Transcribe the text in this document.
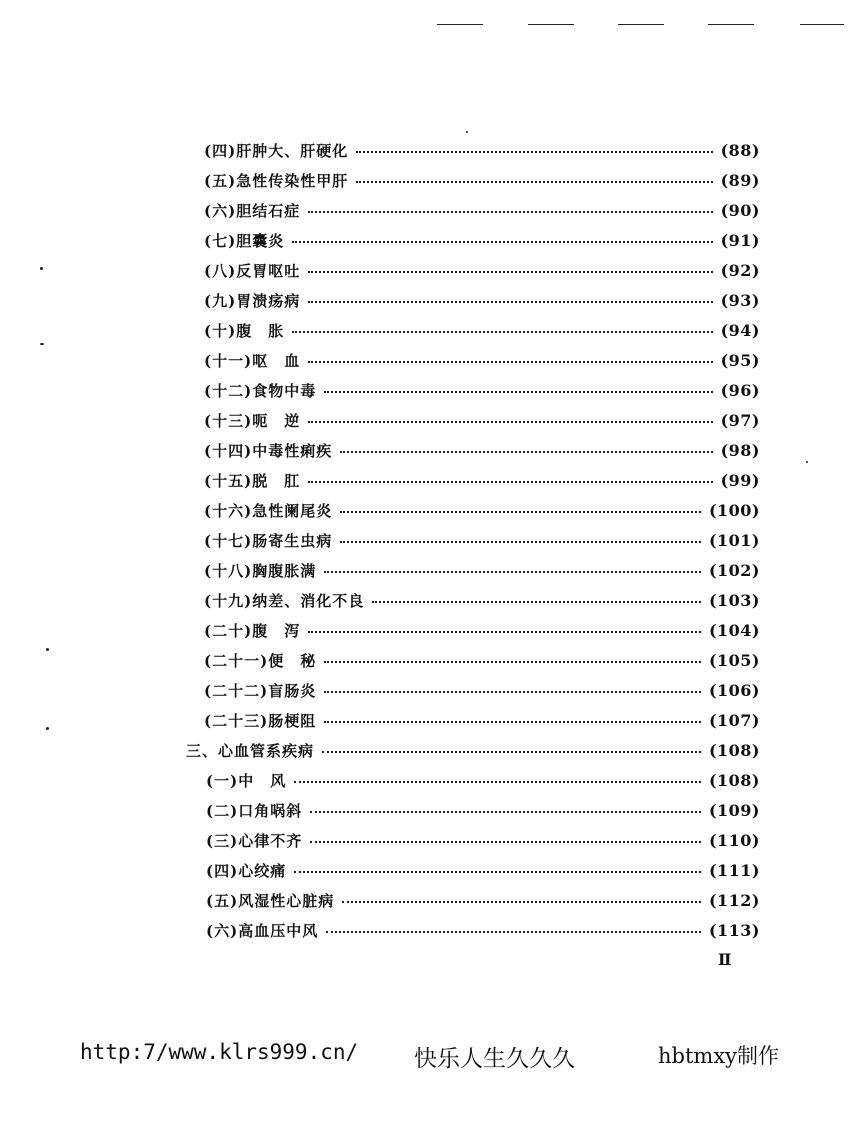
(四)肝肿大、肝硬化	(88)
(五)急性传染性甲肝	(89)
(六)胆结石症	(90)
(七)胆囊炎	(91)
(八)反胃呕吐	(92)
(九)胃溃疡病	(93)
(十)腹　胀	(94)
(十一)呕　血	(95)
(十二)食物中毒	(96)
(十三)呃　逆	(97)
(十四)中毒性痢疾	(98)
(十五)脱　肛	(99)
(十六)急性阑尾炎	(100)
(十七)肠寄生虫病	(101)
(十八)胸腹胀满	(102)
(十九)纳差、消化不良	(103)
(二十)腹　泻	(104)
(二十一)便　秘	(105)
(二十二)盲肠炎	(106)
(二十三)肠梗阻	(107)
三、心血管系疾病	(108)
(一)中　风	(108)
(二)口角㖞斜	(109)
(三)心律不齐	(110)
(四)心绞痛	(111)
(五)风湿性心脏病	(112)
(六)高血压中风	(113)
Ⅱ
http:7/www.klrs999.cn/ 快乐人生久久久	hbtmxy制作
